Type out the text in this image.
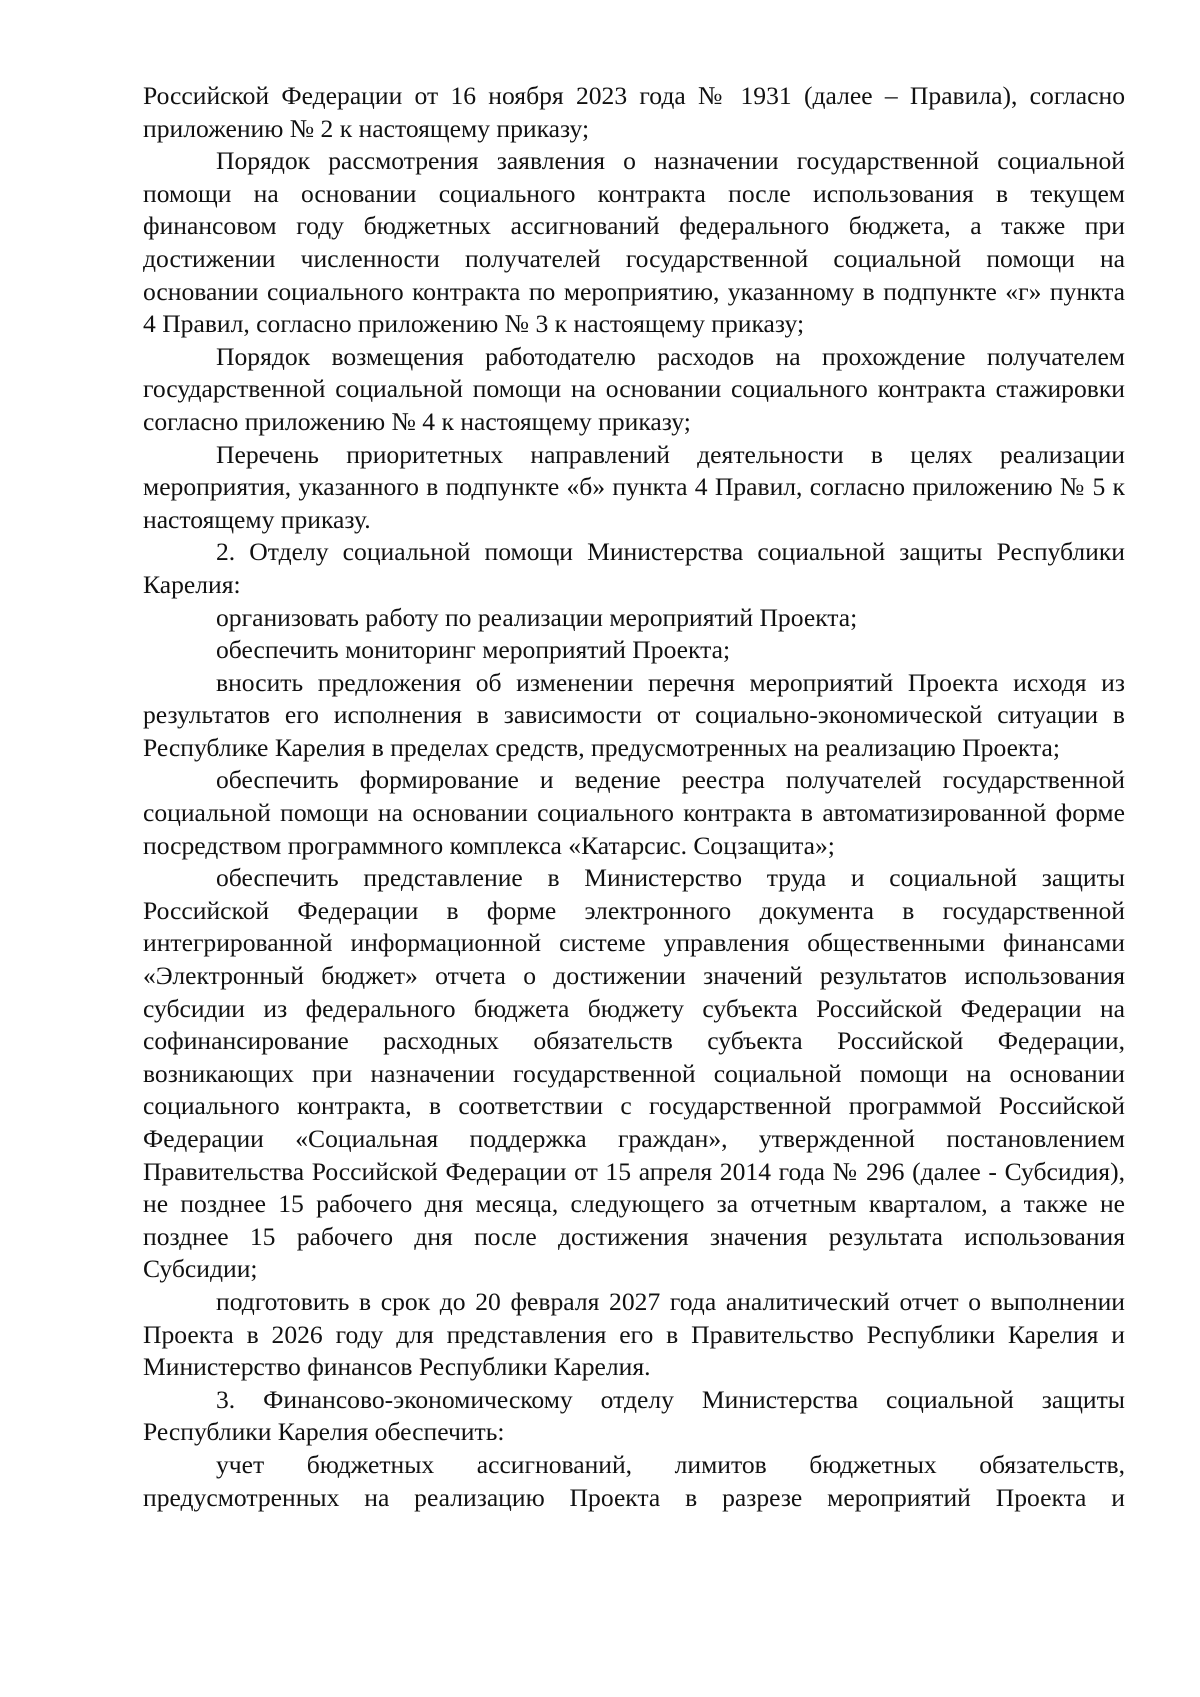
Российской Федерации от 16 ноября 2023 года № 1931 (далее – Правила), согласно приложению № 2 к настоящему приказу;

Порядок рассмотрения заявления о назначении государственной социальной помощи на основании социального контракта после использования в текущем финансовом году бюджетных ассигнований федерального бюджета, а также при достижении численности получателей государственной социальной помощи на основании социального контракта по мероприятию, указанному в подпункте «г» пункта 4 Правил, согласно приложению № 3 к настоящему приказу;

Порядок возмещения работодателю расходов на прохождение получателем государственной социальной помощи на основании социального контракта стажировки согласно приложению № 4 к настоящему приказу;

Перечень приоритетных направлений деятельности в целях реализации мероприятия, указанного в подпункте «б» пункта 4 Правил, согласно приложению № 5 к настоящему приказу.

2. Отделу социальной помощи Министерства социальной защиты Республики Карелия:

организовать работу по реализации мероприятий Проекта;

обеспечить мониторинг мероприятий Проекта;

вносить предложения об изменении перечня мероприятий Проекта исходя из результатов его исполнения в зависимости от социально-экономической ситуации в Республике Карелия в пределах средств, предусмотренных на реализацию Проекта;

обеспечить формирование и ведение реестра получателей государственной социальной помощи на основании социального контракта в автоматизированной форме посредством программного комплекса «Катарсис. Соцзащита»;

обеспечить представление в Министерство труда и социальной защиты Российской Федерации в форме электронного документа в государственной интегрированной информационной системе управления общественными финансами «Электронный бюджет» отчета о достижении значений результатов использования субсидии из федерального бюджета бюджету субъекта Российской Федерации на софинансирование расходных обязательств субъекта Российской Федерации, возникающих при назначении государственной социальной помощи на основании социального контракта, в соответствии с государственной программой Российской Федерации «Социальная поддержка граждан», утвержденной постановлением Правительства Российской Федерации от 15 апреля 2014 года № 296 (далее - Субсидия), не позднее 15 рабочего дня месяца, следующего за отчетным кварталом, а также не позднее 15 рабочего дня после достижения значения результата использования Субсидии;

подготовить в срок до 20 февраля 2027 года аналитический отчет о выполнении Проекта в 2026 году для представления его в Правительство Республики Карелия и Министерство финансов Республики Карелия.

3. Финансово-экономическому отделу Министерства социальной защиты Республики Карелия обеспечить:

учет бюджетных ассигнований, лимитов бюджетных обязательств, предусмотренных на реализацию Проекта в разрезе мероприятий Проекта и
